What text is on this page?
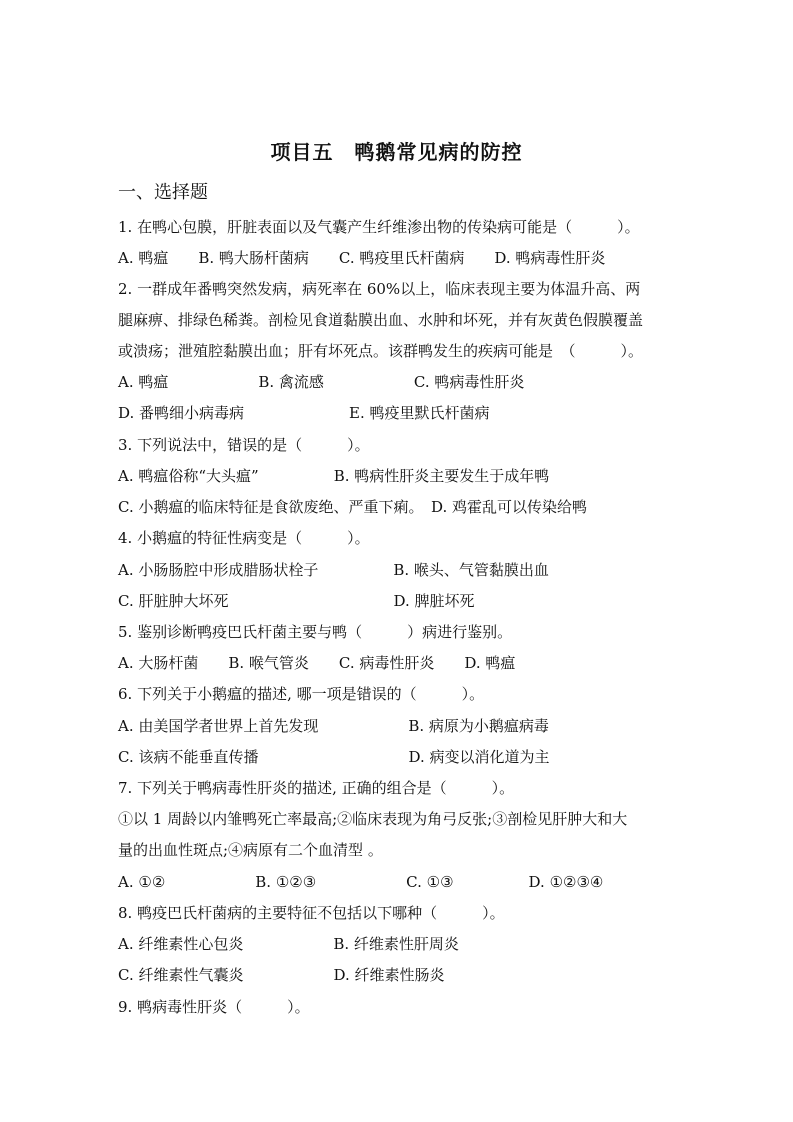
项目五　鸭鹅常见病的防控
一、选择题
1. 在鸭心包膜，肝脏表面以及气囊产生纤维渗出物的传染病可能是（　　　）。
A. 鸭瘟　　B. 鸭大肠杆菌病　　C. 鸭疫里氏杆菌病　　D. 鸭病毒性肝炎
2. 一群成年番鸭突然发病，病死率在 60%以上，临床表现主要为体温升高、两
腿麻痹、排绿色稀粪。剖检见食道黏膜出血、水肿和坏死，并有灰黄色假膜覆盖
或溃疡；泄殖腔黏膜出血；肝有坏死点。该群鸭发生的疾病可能是　（　　　）。
A. 鸭瘟　　　　　　B. 禽流感　　　　　　C. 鸭病毒性肝炎
D. 番鸭细小病毒病　　　　　　　E. 鸭疫里默氏杆菌病
3. 下列说法中，错误的是（　　　）。
A. 鸭瘟俗称“大头瘟”　　　　　B. 鸭病性肝炎主要发生于成年鸭
C. 小鹅瘟的临床特征是食欲废绝、严重下痢。　D. 鸡霍乱可以传染给鸭
4. 小鹅瘟的特征性病变是（　　　）。
A. 小肠肠腔中形成腊肠状栓子　　　　　B. 喉头、气管黏膜出血
C. 肝脏肿大坏死　　　　　　　　　　　D. 脾脏坏死
5. 鉴别诊断鸭疫巴氏杆菌主要与鸭（　　　）病进行鉴别。
A. 大肠杆菌　　B. 喉气管炎　　C. 病毒性肝炎　　D. 鸭瘟
6. 下列关于小鹅瘟的描述, 哪一项是错误的（　　　）。
A. 由美国学者世界上首先发现　　　　　　B. 病原为小鹅瘟病毒
C. 该病不能垂直传播　　　　　　　　　　D. 病变以消化道为主
7. 下列关于鸭病毒性肝炎的描述, 正确的组合是（　　　）。
①以 1 周龄以内雏鸭死亡率最高;②临床表现为角弓反张;③剖检见肝肿大和大
量的出血性斑点;④病原有二个血清型 。
A. ①②　　　　　　B. ①②③　　　　　　C. ①③　　　　　D. ①②③④
8. 鸭疫巴氏杆菌病的主要特征不包括以下哪种（　　　）。
A. 纤维素性心包炎　　　　　　B. 纤维素性肝周炎
C. 纤维素性气囊炎　　　　　　D. 纤维素性肠炎
9. 鸭病毒性肝炎（　　　）。
